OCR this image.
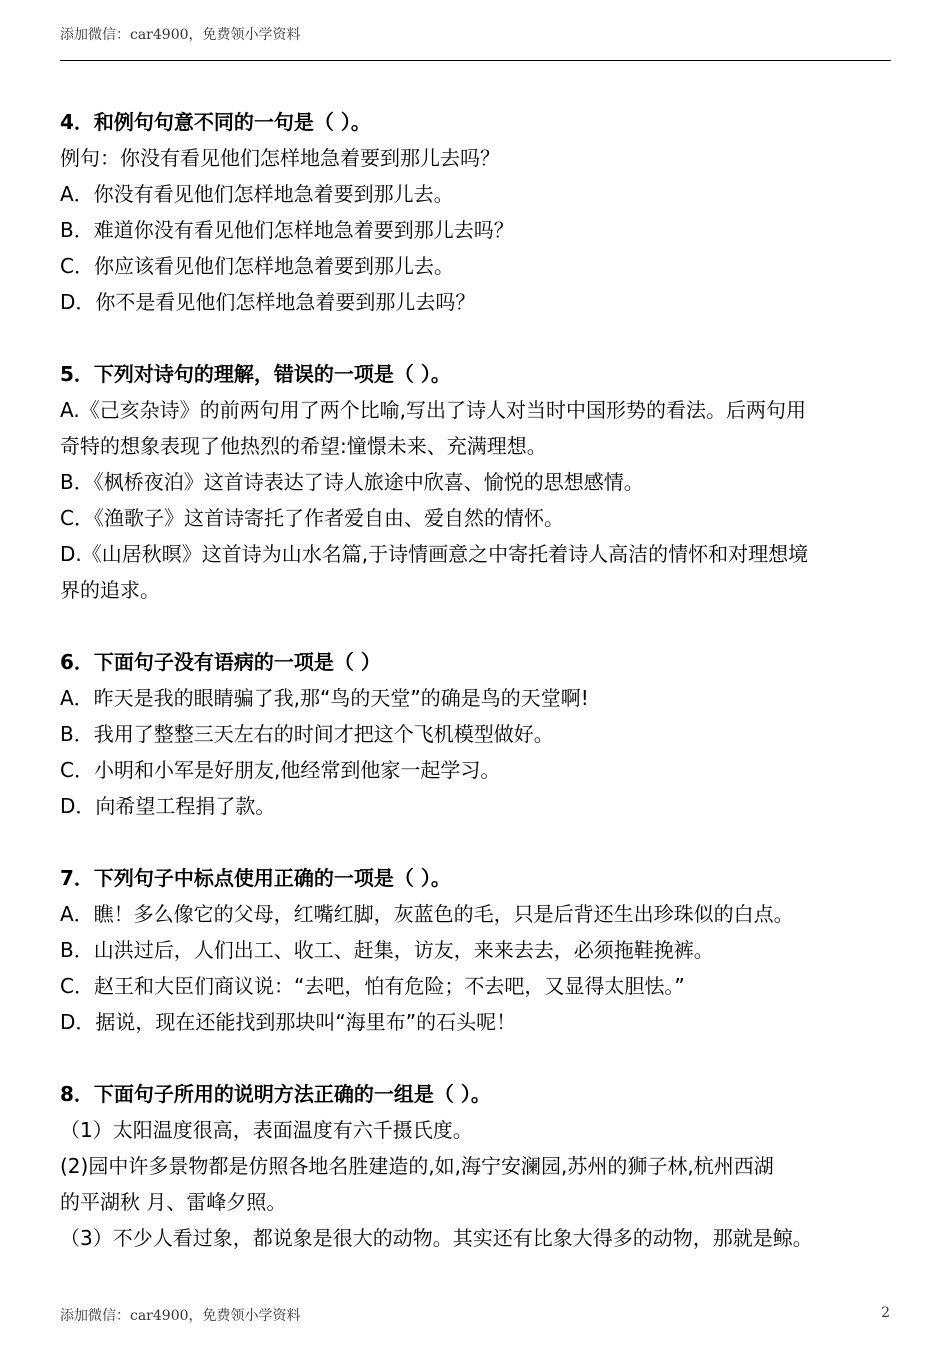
添加微信：car4900，免费领小学资料
4．和例句句意不同的一句是（ ）。
例句：你没有看见他们怎样地急着要到那儿去吗？
A．你没有看见他们怎样地急着要到那儿去。
B．难道你没有看见他们怎样地急着要到那儿去吗？
C．你应该看见他们怎样地急着要到那儿去。
D．你不是看见他们怎样地急着要到那儿去吗？
5．下列对诗句的理解，错误的一项是（ ）。
A.《己亥杂诗》的前两句用了两个比喻,写出了诗人对当时中国形势的看法。后两句用
奇特的想象表现了他热烈的希望:憧憬未来、充满理想。
B．《枫桥夜泊》这首诗表达了诗人旅途中欣喜、愉悦的思想感情。
C．《渔歌子》这首诗寄托了作者爱自由、爱自然的情怀。
D.《山居秋暝》这首诗为山水名篇,于诗情画意之中寄托着诗人高洁的情怀和对理想境
界的追求。
6．下面句子没有语病的一项是（ ）
A．昨天是我的眼睛骗了我,那“鸟的天堂”的确是鸟的天堂啊!
B．我用了整整三天左右的时间才把这个飞机模型做好。
C．小明和小军是好朋友,他经常到他家一起学习。
D．向希望工程捐了款。
7．下列句子中标点使用正确的一项是（ ）。
A．瞧！多么像它的父母，红嘴红脚，灰蓝色的毛，只是后背还生出珍珠似的白点。
B．山洪过后，人们出工、收工、赶集，访友，来来去去，必须拖鞋挽裤。
C．赵王和大臣们商议说：“去吧，怕有危险；不去吧，又显得太胆怯。”
D．据说，现在还能找到那块叫“海里布”的石头呢！
8．下面句子所用的说明方法正确的一组是（ ）。
（1）太阳温度很高，表面温度有六千摄氏度。
(2)园中许多景物都是仿照各地名胜建造的,如,海宁安澜园,苏州的狮子林,杭州西湖
的平湖秋 月、雷峰夕照。
（3）不少人看过象，都说象是很大的动物。其实还有比象大得多的动物，那就是鲸。
添加微信：car4900，免费领小学资料	2
